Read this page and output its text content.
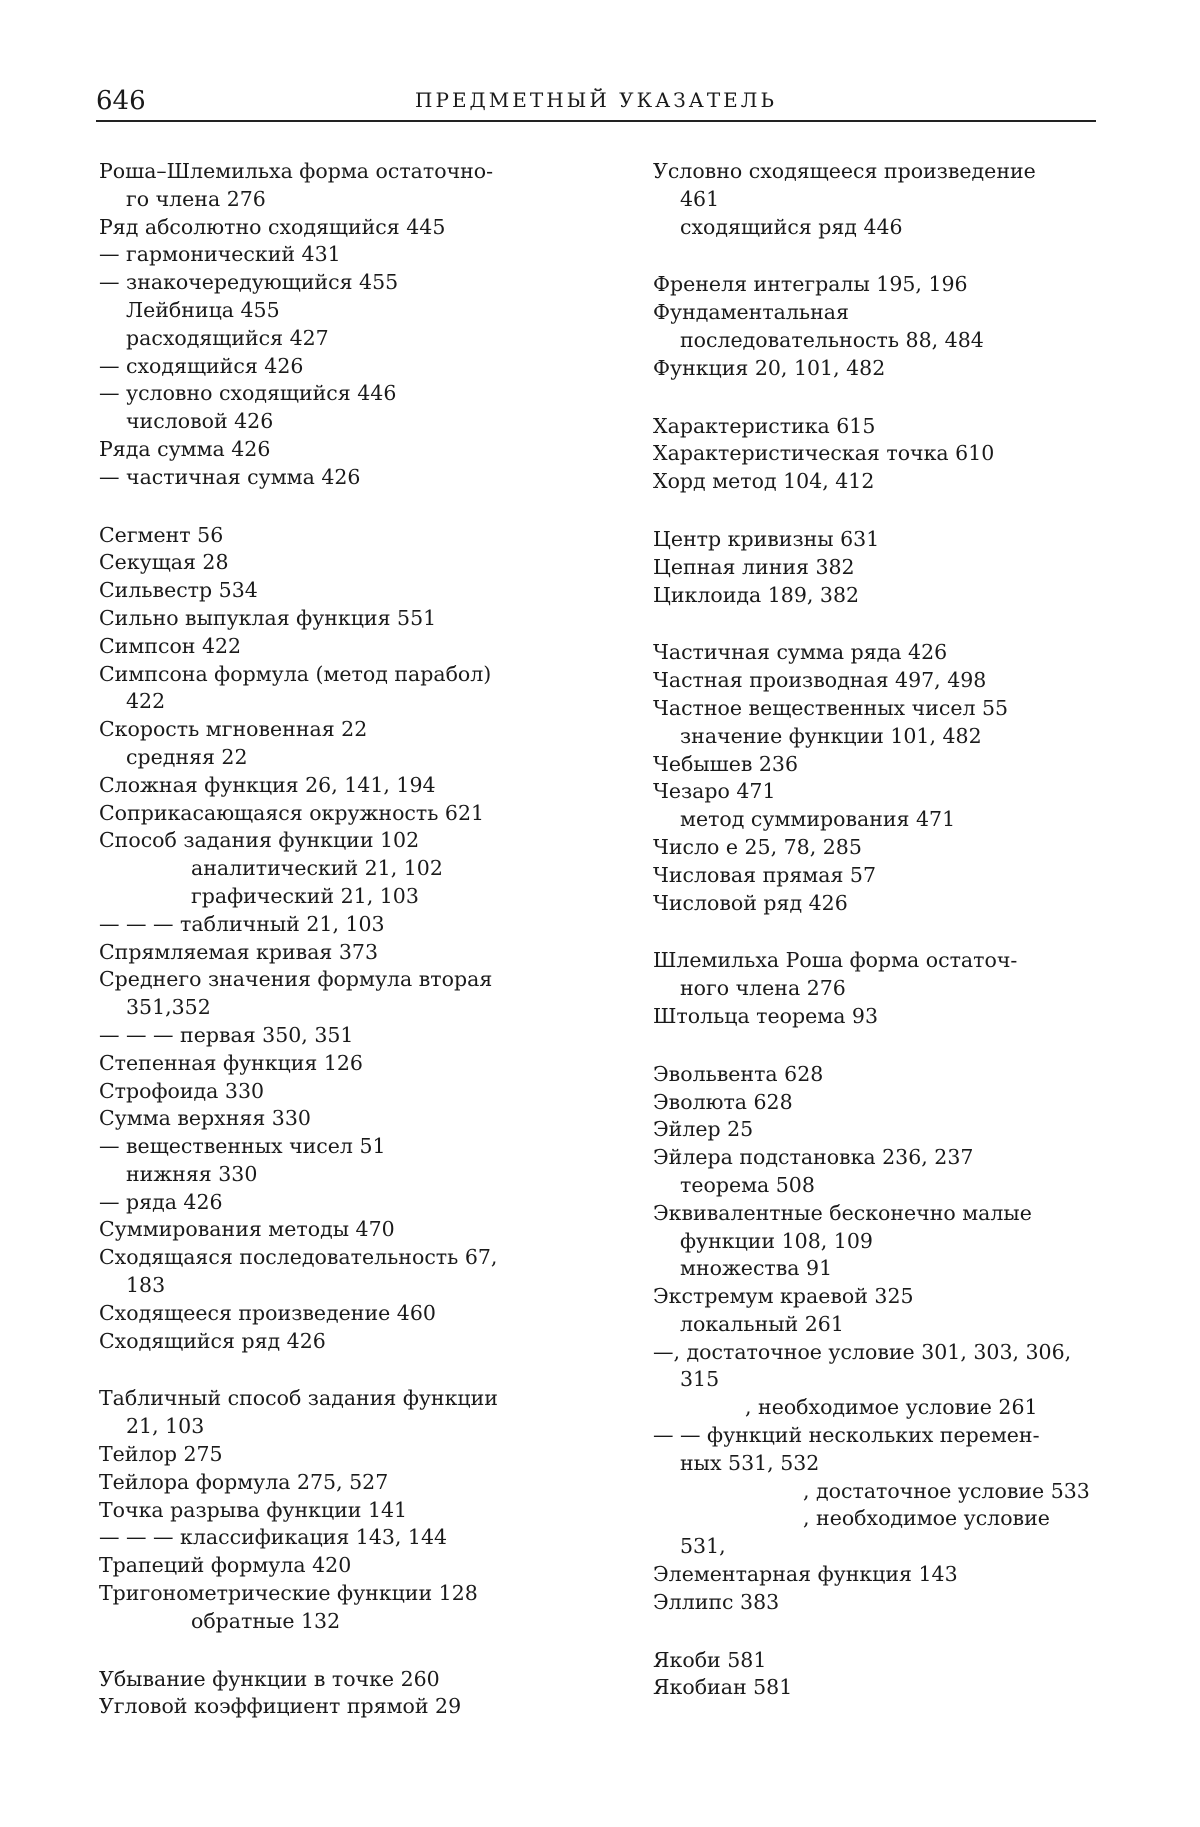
646	ПРЕДМЕТНЫЙ УКАЗАТЕЛЬ
Роша–Шлемильха форма остаточно-
го члена 276
Ряд абсолютно сходящийся 445
— гармонический 431
— знакочередующийся 455
Лейбница 455
расходящийся 427
— сходящийся 426
— условно сходящийся 446
числовой 426
Ряда сумма 426
— частичная сумма 426
Сегмент 56
Секущая 28
Сильвестр 534
Сильно выпуклая функция 551
Симпсон 422
Симпсона формула (метод парабол)
422
Скорость мгновенная 22
средняя 22
Сложная функция 26, 141, 194
Соприкасающаяся окружность 621
Способ задания функции 102
аналитический 21, 102
графический 21, 103
— — — табличный 21, 103
Спрямляемая кривая 373
Среднего значения формула вторая
351,352
— — — первая 350, 351
Степенная функция 126
Строфоида 330
Сумма верхняя 330
— вещественных чисел 51
нижняя 330
— ряда 426
Суммирования методы 470
Сходящаяся последовательность 67,
183
Сходящееся произведение 460
Сходящийся ряд 426
Табличный способ задания функции
21, 103
Тейлор 275
Тейлора формула 275, 527
Точка разрыва функции 141
— — — классификация 143, 144
Трапеций формула 420
Тригонометрические функции 128
обратные 132
Убывание функции в точке 260
Угловой коэффициент прямой 29
Условно сходящееся произведение
461
сходящийся ряд 446
Френеля интегралы 195, 196
Фундаментальная
последовательность 88, 484
Функция 20, 101, 482
Характеристика 615
Характеристическая точка 610
Хорд метод 104, 412
Центр кривизны 631
Цепная линия 382
Циклоида 189, 382
Частичная сумма ряда 426
Частная производная 497, 498
Частное вещественных чисел 55
значение функции 101, 482
Чебышев 236
Чезаро 471
метод суммирования 471
Число e 25, 78, 285
Числовая прямая 57
Числовой ряд 426
Шлемильха Роша форма остаточ-
ного члена 276
Штольца теорема 93
Эвольвента 628
Эволюта 628
Эйлер 25
Эйлера подстановка 236, 237
теорема 508
Эквивалентные бесконечно малые
функции 108, 109
множества 91
Экстремум краевой 325
локальный 261
—, достаточное условие 301, 303, 306,
315
, необходимое условие 261
— — функций нескольких перемен-
ных 531, 532
, достаточное условие 533
, необходимое условие
531,
Элементарная функция 143
Эллипс 383
Якоби 581
Якобиан 581
